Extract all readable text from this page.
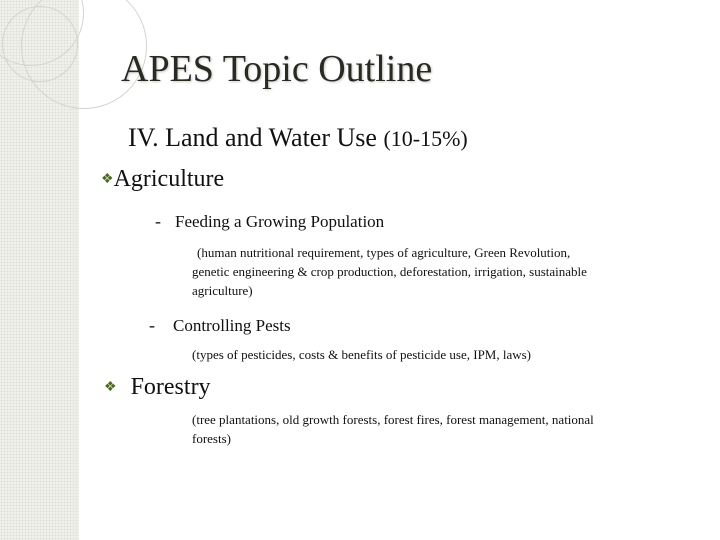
APES Topic Outline
IV. Land and Water Use (10-15%)
❖Agriculture
- Feeding a Growing Population
(human nutritional requirement, types of agriculture, Green Revolution,
genetic engineering & crop production, deforestation, irrigation, sustainable
agriculture)
- Controlling Pests
(types of pesticides, costs & benefits of pesticide use, IPM, laws)
❖ Forestry
(tree plantations, old growth forests, forest fires, forest management, national
forests)
